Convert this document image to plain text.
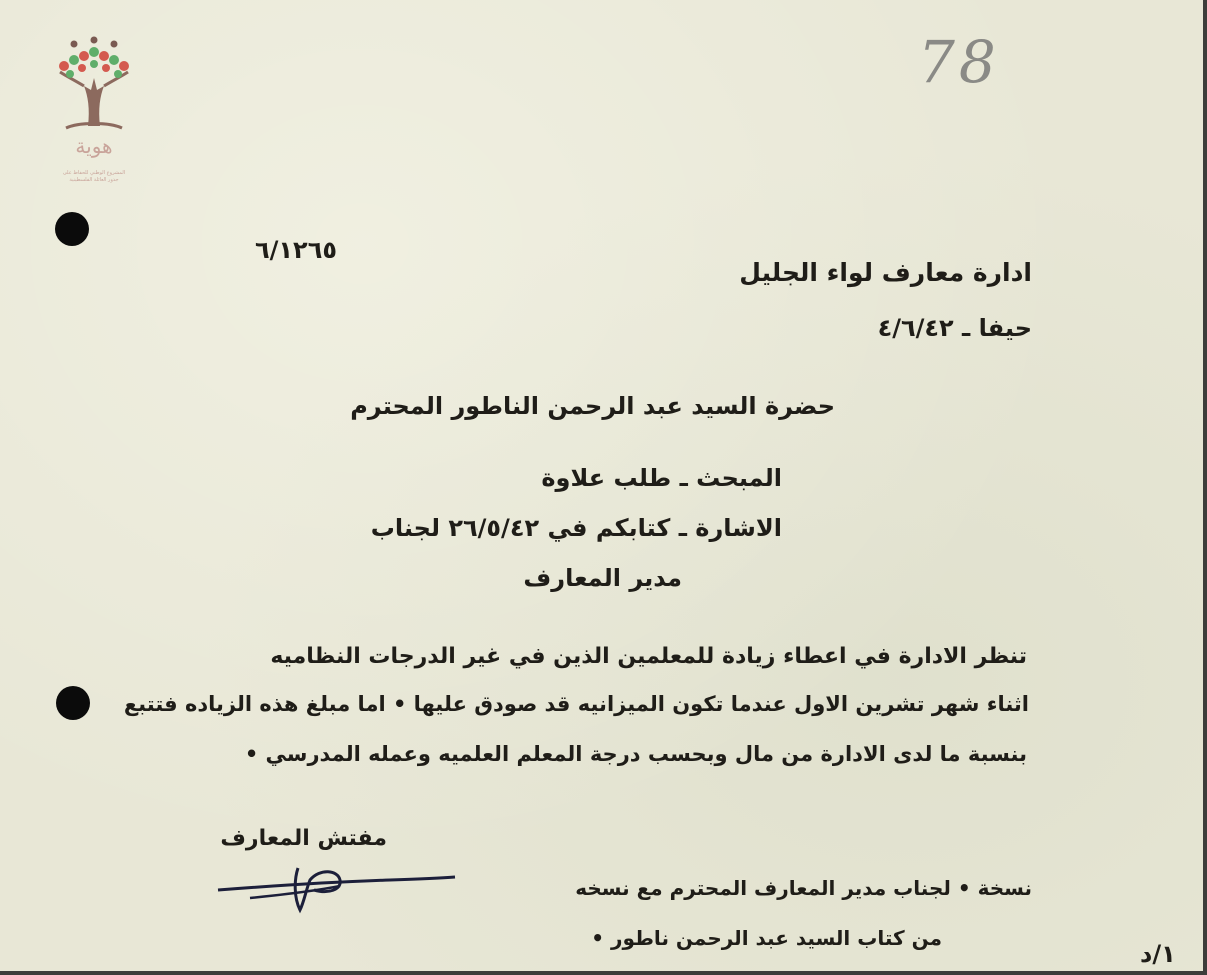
هوية
المشروع الوطني للحفاظ على
جذور العائلة الفلسطينية
78
٦/١٢٦٥
ادارة معارف لواء الجليل
حيفا ـ ٤/٦/٤٢
حضرة السيد عبد الرحمن الناطور المحترم
المبحث ـ طلب علاوة
الاشارة ـ كتابكم في ٢٦/٥/٤٢ لجناب
مدير المعارف
تنظر الادارة في اعطاء زيادة للمعلمين الذين في غير الدرجات النظاميه
اثناء شهر تشرين الاول عندما تكون الميزانيه قد صودق عليها • اما مبلغ هذه الزياده فتتبع
بنسبة ما لدى الادارة من مال وبحسب درجة المعلم العلميه وعمله المدرسي •
مفتش المعارف
نسخة • لجناب مدير المعارف المحترم مع نسخه
من كتاب السيد عبد الرحمن ناطور •
١/د
